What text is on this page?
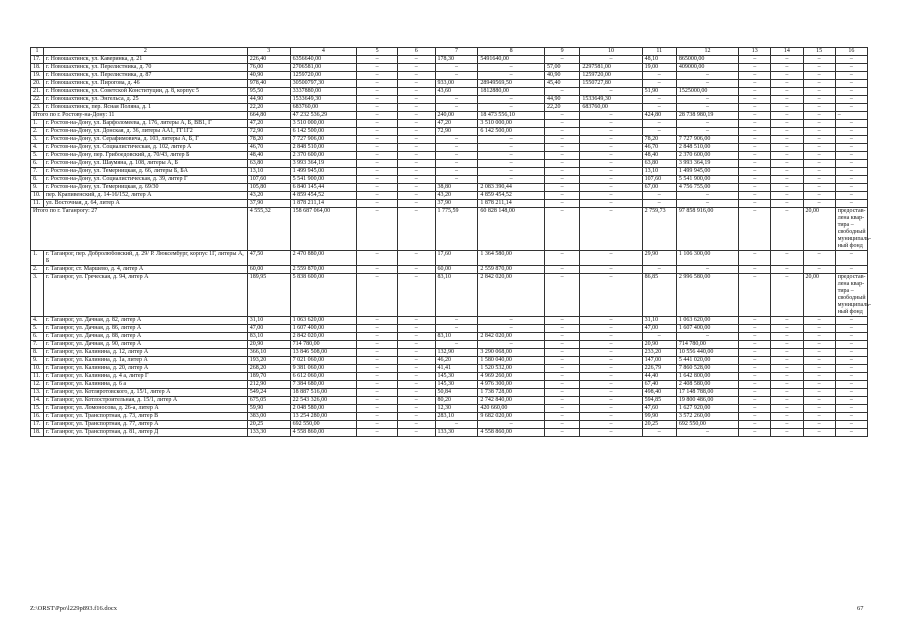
1	2	3	4	5	6	7	8	9	10	11	12	13	14	15	16
17.	г. Новошахтинск, ул. Каверинка, д. 21	226,40	6356640,00	–	–	178,30	5491640,00	–	–	48,10	865000,00	–	–	–	–
18.	г. Новошахтинск, ул. Перелистника, д. 70	76,00	2706581,00	–	–	–	–	57,00	2297581,00	19,00	409000,00	–	–	–	–
19.	г. Новошахтинск, ул. Перелистника, д. 87	40,90	1259720,00	–	–	–	–	40,90	1259720,00	–	–	–	–	–	–
20.	г. Новошахтинск, ул. Пирогова, д. 46	978,40	30500797,30	–	–	933,00	28949569,50	45,40	1550727,80	–	–	–	–	–	–
21.	г. Новошахтинск, ул. Советской Конституции, д. 8, корпус 5	95,50	3337880,00	–	–	43,60	1812880,00	–	–	51,90	1525000,00	–	–	–	–
22.	г. Новошахтинск, ул. Энгельса, д. 25	44,90	1533649,30	–	–	–	–	44,90	1533649,30	–	–	–	–	–	–
23.	г. Новошахтинск, пер. Ясная Поляна, д. 1	22,20	683760,00	–	–	–	–	22,20	683760,00	–	–	–	–	–	–
Итого по г. Ростову-на-Дону: 11		664,80	47 232 536,29	–	–	240,00	18 473 556,10	–	–	424,80	28 738 980,19	–	–	–	–
1.	г. Ростов-на-Дону, ул. Варфоломеева, д. 176, литеры А, Б, ВВ1, Г	47,20	3 510 000,00	–	–	47,20	3 510 000,00	–	–	–	–	–	–	–	–
2.	г. Ростов-на-Дону, ул. Донская, д. 36, литеры АА1, ГГ1Г2	72,90	6 142 500,00	–	–	72,90	6 142 500,00	–	–	–	–	–	–	–	–
3.	г. Ростов-на-Дону, ул. Серафимовича, д. 103, литеры А, Б, Г	78,20	7 727 906,00	–	–	–	–	–	–	78,20	7 727 906,00	–	–	–	–
4.	г. Ростов-на-Дону, ул. Социалистическая, д. 102, литер А	46,70	2 848 510,00	–	–	–	–	–	–	46,70	2 848 510,00	–	–	–	–
5.	г. Ростов-на-Дону, пер. Грибоедовский, д. 70/43, литер Б	48,40	2 370 600,00	–	–	–	–	–	–	48,40	2 370 600,00	–	–	–	–
6.	г. Ростов-на-Дону, ул. Шаумяна, д. 108, литеры А, Б	63,80	3 993 364,19	–	–	–	–	–	–	63,80	3 993 364,19	–	–	–	–
7.	г. Ростов-на-Дону, ул. Темерницкая, д. 66, литеры Б, БА	13,10	1 499 945,00	–	–	–	–	–	–	13,10	1 499 945,00	–	–	–	–
8.	г. Ростов-на-Дону, ул. Социалистическая, д. 39, литер Г	107,60	5 541 900,00	–	–	–	–	–	–	107,60	5 541 900,00	–	–	–	–
9.	г. Ростов-на-Дону, ул. Темерницкая, д. 69/30	105,80	6 840 145,44	–	–	38,80	2 083 390,44	–	–	67,00	4 756 755,00	–	–	–	–
10.	пер. Крапивенский, д. 14-16/152, литер А	43,20	4 859 454,52	–	–	43,20	4 859 454,52	–	–	–	–	–	–	–	–
11.	ул. Восточная, д. 64, литер А	37,90	1 878 211,14	–	–	37,90	1 878 211,14	–	–	–	–	–	–	–	–
Итого по г. Таганрогу: 27		4 555,32	158 687 064,00	–	–	1 775,59	60 828 148,00	–	–	2 759,73	97 858 916,00	–	–	20,00	предостав-лена квар-тира – свободный муниципаль-ный фонд
1.	г. Таганрог, пер. Добролюбовский, д. 29/ Р. Люксембург, корпус 1Г, литеры А, Б	47,50	2 470 880,00	–	–	17,60	1 364 580,00	–	–	29,90	1 106 300,00	–	–	–	–
2.	г. Таганрог, ст. Маршево, д. 4, литер А	60,00	2 559 870,00	–	–	60,00	2 559 870,00	–	–	–	–	–	–	–	–
3.	г. Таганрог, ул. Греческая, д. 94, литер А	189,95	5 838 600,00	–	–	83,10	2 842 020,00	–	–	86,85	2 996 580,00	–	–	20,00	предостав-лена квар-тира – свободный муниципаль-ный фонд
4.	г. Таганрог, ул. Дачная, д. 82, литер А	31,10	1 063 620,00	–	–	–	–	–	–	31,10	1 063 620,00	–	–	–	–
5.	г. Таганрог, ул. Дачная, д. 86, литер А	47,00	1 607 400,00	–	–	–	–	–	–	47,00	1 607 400,00	–	–	–	–
6.	г. Таганрог, ул. Дачная, д. 88, литер А	83,10	2 842 020,00	–	–	83,10	2 842 020,00	–	–	–	–	–	–	–	–
7.	г. Таганрог, ул. Дачная, д. 90, литер А	20,90	714 780,00	–	–	–	–	–	–	20,90	714 780,00	–	–	–	–
8.	г. Таганрог, ул. Калинина, д. 12, литер А	366,10	13 846 508,00	–	–	132,90	3 290 068,00	–	–	233,20	10 556 440,00	–	–	–	–
9.	г. Таганрог, ул. Калинина, д. 1а, литер А	193,20	7 021 060,00	–	–	46,20	1 580 040,00	–	–	147,00	5 441 020,00	–	–	–	–
10.	г. Таганрог, ул. Калинина, д. 20, литер А	268,20	9 381 060,00	–	–	41,41	1 520 532,00	–	–	226,79	7 860 528,00	–	–	–	–
11.	г. Таганрог, ул. Калинина, д. 4 а, литер Г	189,70	6 612 060,00	–	–	145,30	4 969 260,00	–	–	44,40	1 642 800,00	–	–	–	–
12.	г. Таганрог, ул. Калинина, д. 6 а	212,90	7 384 680,00	–	–	145,30	4 976 300,00	–	–	67,40	2 408 580,00	–	–	–	–
13.	г. Таганрог, ул. Котляротовского, д. 15/1, литер А	549,24	18 887 516,00	–	–	50,84	1 738 728,00	–	–	498,40	17 148 788,00	–	–	–	–
14.	г. Таганрог, ул. Котлостроительная, д. 15/1, литер А	675,05	22 543 326,00	–	–	80,20	2 742 840,00	–	–	594,85	19 800 486,00	–	–	–	–
15.	г. Таганрог, ул. Ломоносова, д. 26-а, литер А	59,90	2 048 580,00	–	–	12,30	420 660,00	–	–	47,60	1 627 920,00	–	–	–	–
16.	г. Таганрог, ул. Транспортная, д. 73, литер В	383,00	13 254 280,00	–	–	283,10	9 682 020,00	–	–	99,90	3 572 260,00	–	–	–	–
17.	г. Таганрог, ул. Транспортная, д. 77, литер А	20,25	692 550,00	–	–	–	–	–	–	20,25	692 550,00	–	–	–	–
18.	г. Таганрог, ул. Транспортная, д. 81, литер Д	133,30	4 558 860,00	–	–	133,30	4 558 860,00	–	–	–	–	–	–	–	–
Z:\ORST\Ppo\l229p893.f16.docx	67
